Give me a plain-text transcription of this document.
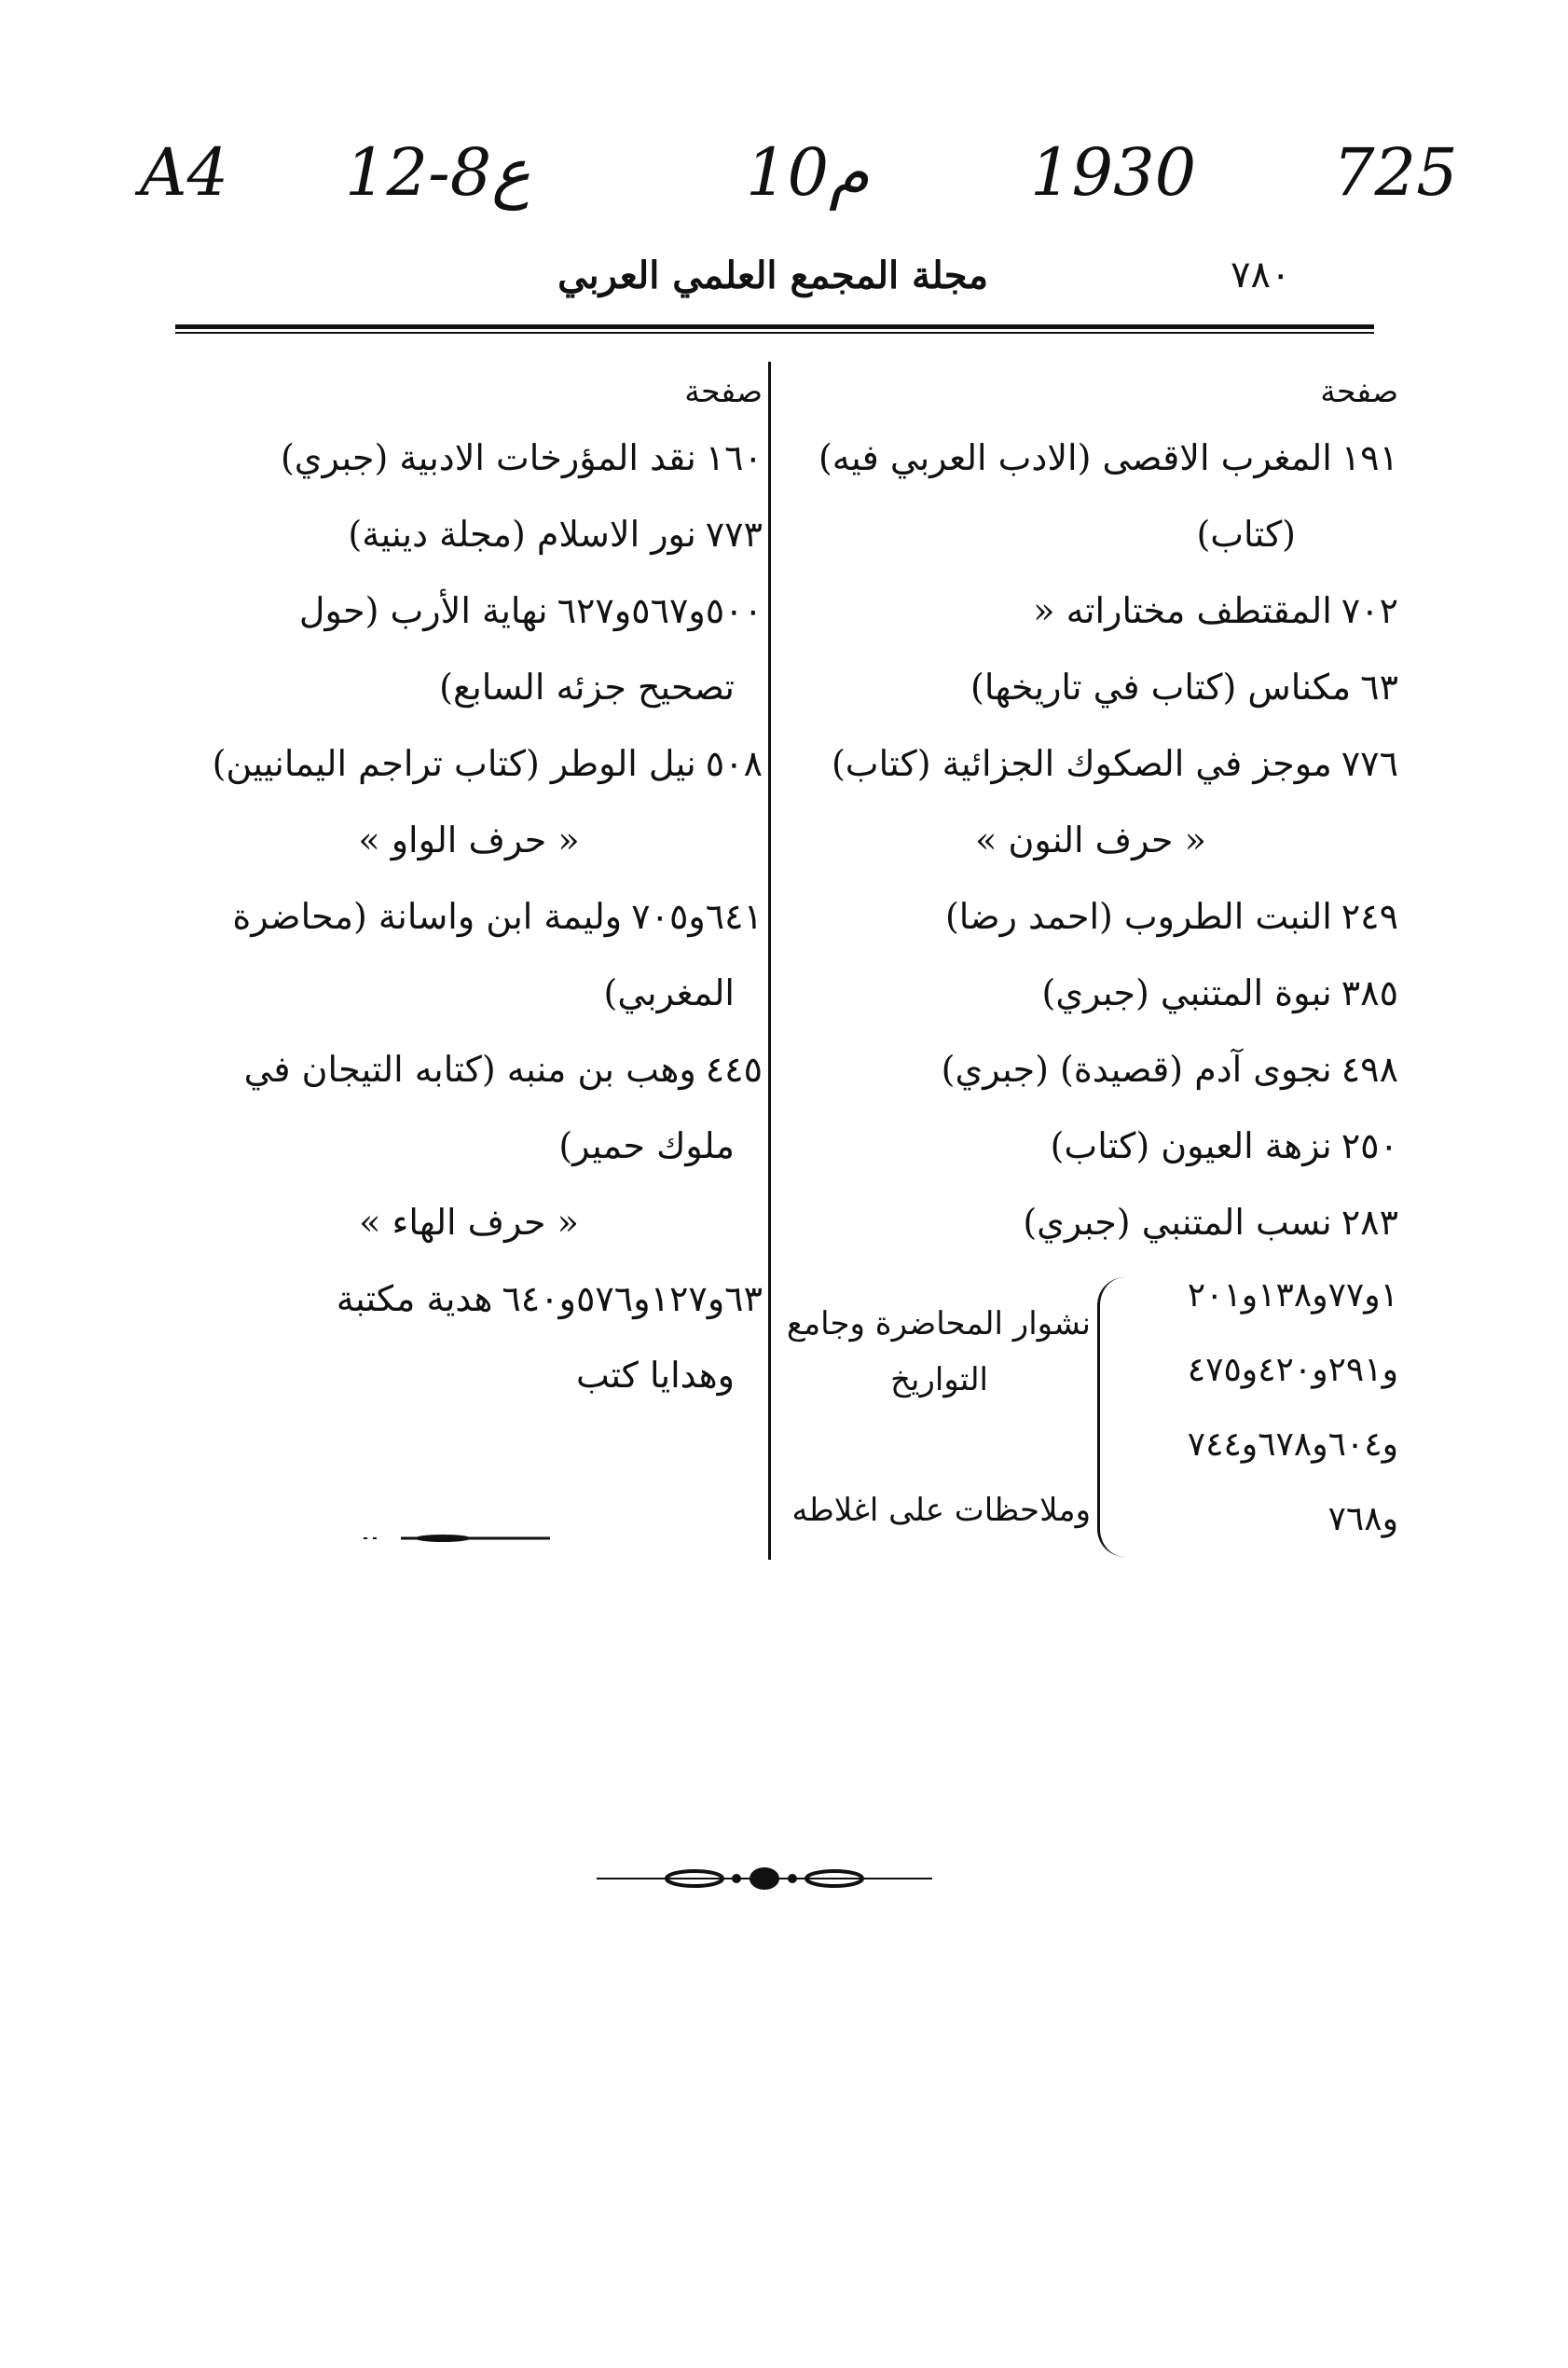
A4 12-8ع	10م 1930 725
٧٨٠
مجلة المجمع العلمي العربي
صفحة
١٩١المغرب الاقصى (الادب العربي فيه)
(كتاب)
٧٠٢المقتطف مختاراته «
٦٣مكناس (كتاب في تاريخها)
٧٧٦موجز في الصكوك الجزائية (كتاب)
« حرف النون »
٢٤٩النبت الطروب (احمد رضا)
٣٨٥نبوة المتنبي (جبري)
٤٩٨نجوى آدم (قصيدة) (جبري)
٢٥٠نزهة العيون (كتاب)
٢٨٣نسب المتنبي (جبري)
١و٧٧و١٣٨و٢٠١
و٢٩١و٤٢٠و٤٧٥
و٦٠٤و٦٧٨و٧٤٤
و٧٦٨
نشوار المحاضرة وجامع
التواريخ
وملاحظات على اغلاطه
صفحة
١٦٠نقد المؤرخات الادبية (جبري)
٧٧٣نور الاسلام (مجلة دينية)
٥٠٠و٥٦٧و٦٢٧نهاية الأرب (حول
تصحيح جزئه السابع)
٥٠٨نيل الوطر (كتاب تراجم اليمانيين)
« حرف الواو »
٦٤١و٧٠٥وليمة ابن واسانة (محاضرة
المغربي)
٤٤٥وهب بن منبه (كتابه التيجان في
ملوك حمير)
« حرف الهاء »
٦٣و١٢٧و٥٧٦و٦٤٠هدية مكتبة
وهدايا كتب
